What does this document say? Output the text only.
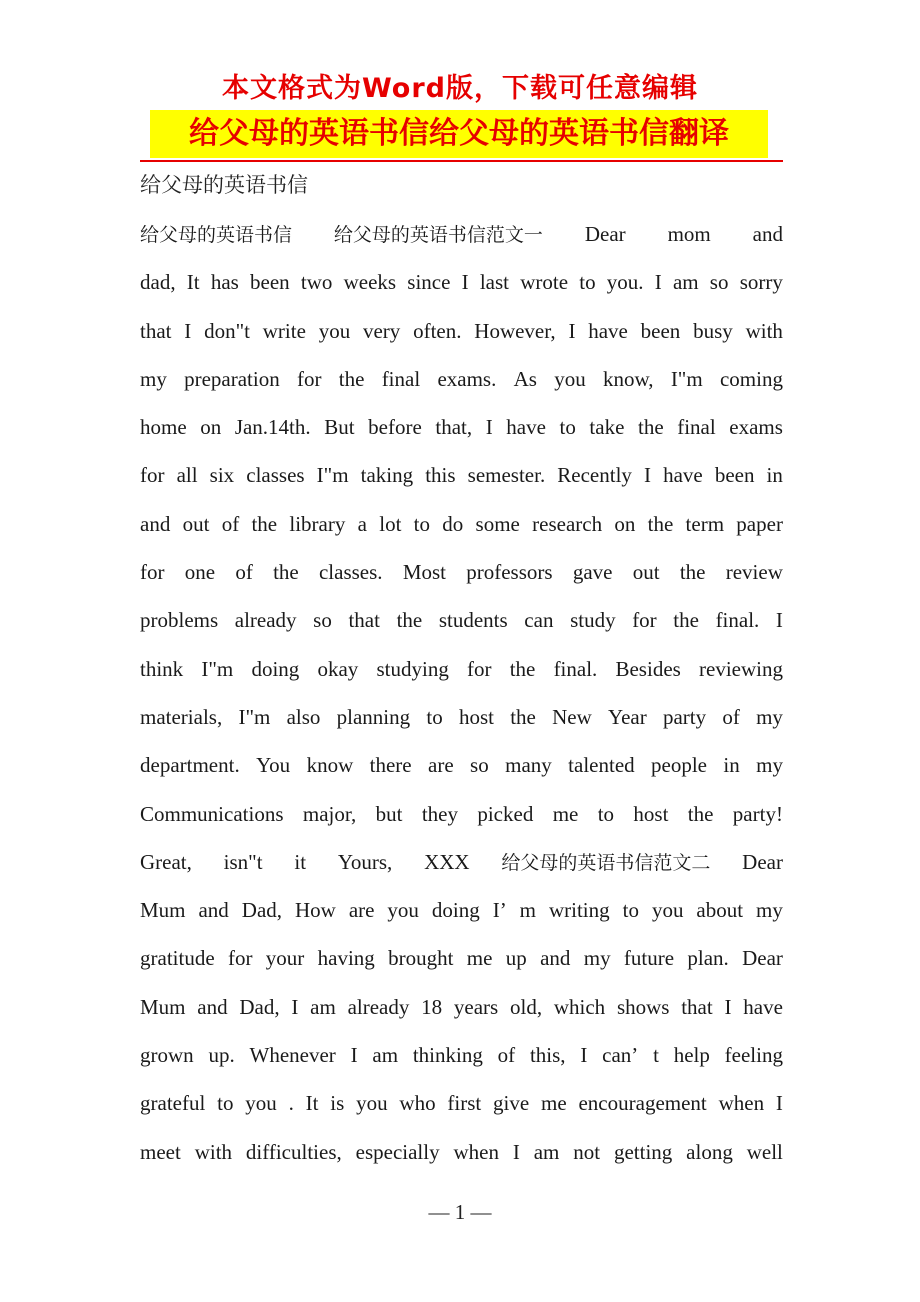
本文格式为Word版，下载可任意编辑
给父母的英语书信给父母的英语书信翻译
给父母的英语书信
给父母的英语书信 给父母的英语书信范文一 Dear mom and
dad, It has been two weeks since I last wrote to you. I am so sorry
that I don"t write you very often. However, I have been busy with
my preparation for the final exams. As you know, I"m coming
home on Jan.14th. But before that, I have to take the final exams
for all six classes I"m taking this semester. Recently I have been in
and out of the library a lot to do some research on the term paper
for one of the classes. Most professors gave out the review
problems already so that the students can study for the final. I
think I"m doing okay studying for the final. Besides reviewing
materials, I"m also planning to host the New Year party of my
department. You know there are so many talented people in my
Communications major, but they picked me to host the party!
Great, isn"t it Yours, XXX 给父母的英语书信范文二 Dear
Mum and Dad, How are you doing I’ m writing to you about my
gratitude for your having brought me up and my future plan. Dear
Mum and Dad, I am already 18 years old, which shows that I have
grown up. Whenever I am thinking of this, I can’ t help feeling
grateful to you . It is you who first give me encouragement when I
meet with difficulties, especially when I am not getting along well
— 1 —
